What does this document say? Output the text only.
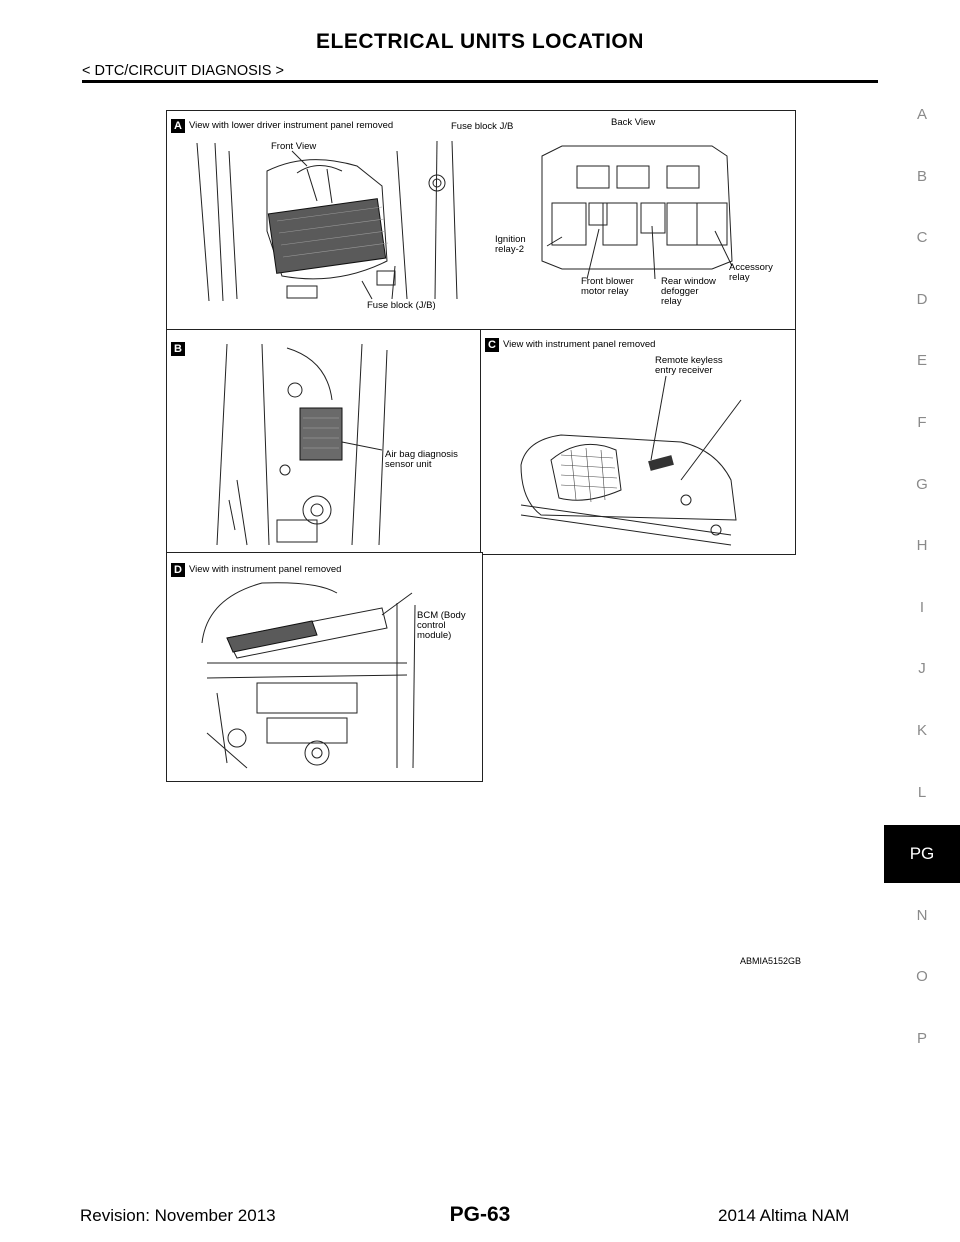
ELECTRICAL UNITS LOCATION
< DTC/CIRCUIT DIAGNOSIS >
A
B
C
D
E
F
G
H
I
J
K
L
PG
N
O
P
A View with lower driver instrument panel removed
Front View
Fuse block J/B	Back View
Fuse block (J/B)
Ignition
relay-2
Front blower
motor relay
Rear window
defogger
relay
Accessory
relay
B
Air bag diagnosis
sensor unit
C View with instrument panel removed
Remote keyless
entry receiver
D View with instrument panel removed
BCM (Body
control
module)
ABMIA5152GB
Revision: November 2013	PG-63	2014 Altima NAM
